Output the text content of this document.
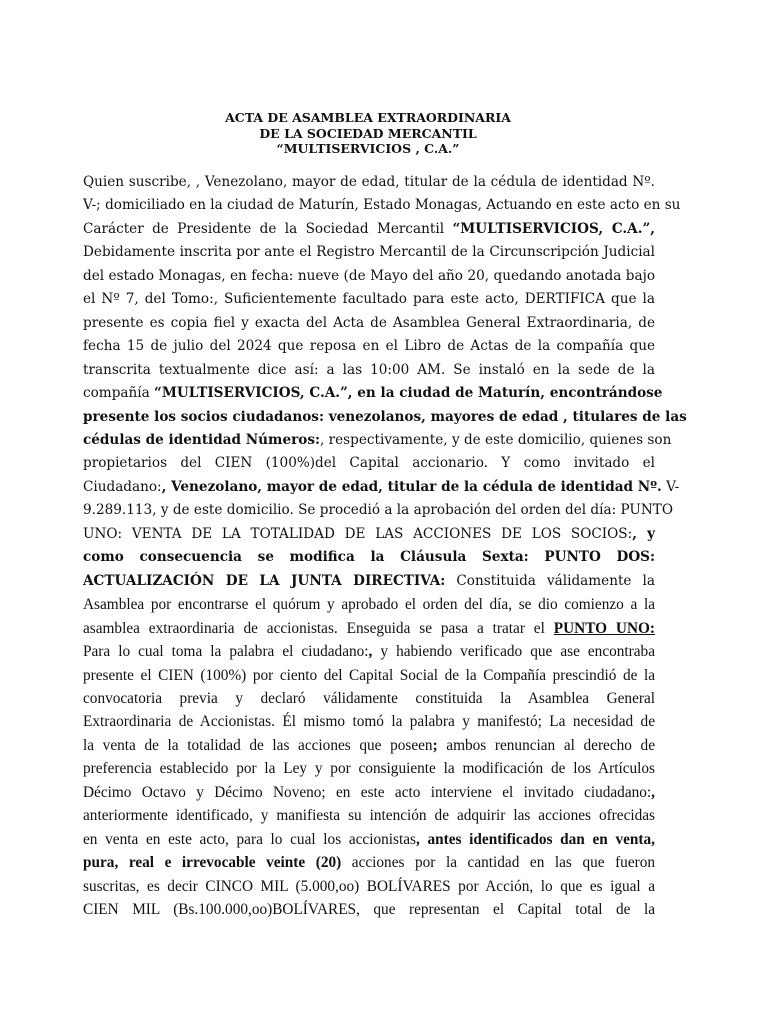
ACTA DE ASAMBLEA EXTRAORDINARIA
DE LA SOCIEDAD MERCANTIL
“MULTISERVICIOS , C.A.”
Quien suscribe, , Venezolano, mayor de edad, titular de la cédula de identidad Nº.
V-; domiciliado en la ciudad de Maturín, Estado Monagas, Actuando en este acto en su
Carácter de Presidente de la Sociedad Mercantil “MULTISERVICIOS, C.A.”,
Debidamente inscrita por ante el Registro Mercantil de la Circunscripción Judicial
del estado Monagas, en fecha: nueve (de Mayo del año 20, quedando anotada bajo
el Nº 7, del Tomo:, Suficientemente facultado para este acto, DERTIFICA que la
presente es copia fiel y exacta del Acta de Asamblea General Extraordinaria, de
fecha 15 de julio del 2024 que reposa en el Libro de Actas de la compañía que
transcrita textualmente dice así: a las 10:00 AM. Se instaló en la sede de la
compañía “MULTISERVICIOS, C.A.”, en la ciudad de Maturín, encontrándose
presente los socios ciudadanos: venezolanos, mayores de edad , titulares de las
cédulas de identidad Números:, respectivamente, y de este domicilio, quienes son
propietarios del CIEN (100%)del Capital accionario. Y como invitado el
Ciudadano:, Venezolano, mayor de edad, titular de la cédula de identidad Nº. V-
9.289.113, y de este domicilio. Se procedió a la aprobación del orden del día: PUNTO
UNO: VENTA DE LA TOTALIDAD DE LAS ACCIONES DE LOS SOCIOS:, y
como consecuencia se modifica la Cláusula Sexta: PUNTO DOS:
ACTUALIZACIÓN DE LA JUNTA DIRECTIVA: Constituida válidamente la
Asamblea por encontrarse el quórum y aprobado el orden del día, se dio comienzo a la
asamblea extraordinaria de accionistas. Enseguida se pasa a tratar el PUNTO UNO:
Para lo cual toma la palabra el ciudadano:, y habiendo verificado que ase encontraba
presente el CIEN (100%) por ciento del Capital Social de la Compañía prescindió de la
convocatoria previa y declaró válidamente constituida la Asamblea General
Extraordinaria de Accionistas. Él mismo tomó la palabra y manifestó; La necesidad de
la venta de la totalidad de las acciones que poseen; ambos renuncian al derecho de
preferencia establecido por la Ley y por consiguiente la modificación de los Artículos
Décimo Octavo y Décimo Noveno; en este acto interviene el invitado ciudadano:,
anteriormente identificado, y manifiesta su intención de adquirir las acciones ofrecidas
en venta en este acto, para lo cual los accionistas, antes identificados dan en venta,
pura, real e irrevocable veinte (20) acciones por la cantidad en las que fueron
suscritas, es decir CINCO MIL (5.000,oo) BOLÍVARES por Acción, lo que es igual a
CIEN MIL (Bs.100.000,oo)BOLÍVARES, que representan el Capital total de la
